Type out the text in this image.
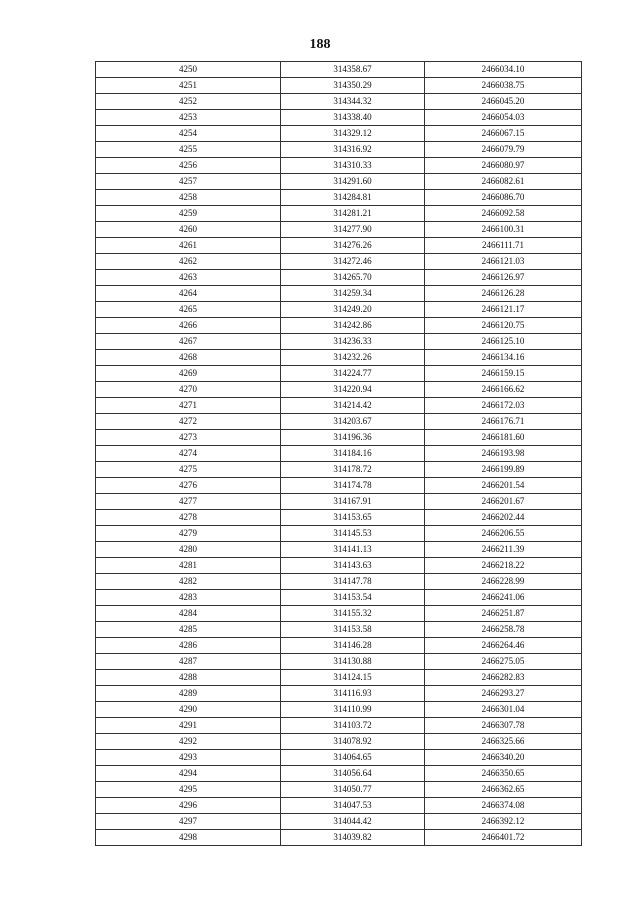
188
4250	314358.67	2466034.10
4251	314350.29	2466038.75
4252	314344.32	2466045.20
4253	314338.40	2466054.03
4254	314329.12	2466067.15
4255	314316.92	2466079.79
4256	314310.33	2466080.97
4257	314291.60	2466082.61
4258	314284.81	2466086.70
4259	314281.21	2466092.58
4260	314277.90	2466100.31
4261	314276.26	2466111.71
4262	314272.46	2466121.03
4263	314265.70	2466126.97
4264	314259.34	2466126.28
4265	314249.20	2466121.17
4266	314242.86	2466120.75
4267	314236.33	2466125.10
4268	314232.26	2466134.16
4269	314224.77	2466159.15
4270	314220.94	2466166.62
4271	314214.42	2466172.03
4272	314203.67	2466176.71
4273	314196.36	2466181.60
4274	314184.16	2466193.98
4275	314178.72	2466199.89
4276	314174.78	2466201.54
4277	314167.91	2466201.67
4278	314153.65	2466202.44
4279	314145.53	2466206.55
4280	314141.13	2466211.39
4281	314143.63	2466218.22
4282	314147.78	2466228.99
4283	314153.54	2466241.06
4284	314155.32	2466251.87
4285	314153.58	2466258.78
4286	314146.28	2466264.46
4287	314130.88	2466275.05
4288	314124.15	2466282.83
4289	314116.93	2466293.27
4290	314110.99	2466301.04
4291	314103.72	2466307.78
4292	314078.92	2466325.66
4293	314064.65	2466340.20
4294	314056.64	2466350.65
4295	314050.77	2466362.65
4296	314047.53	2466374.08
4297	314044.42	2466392.12
4298	314039.82	2466401.72
